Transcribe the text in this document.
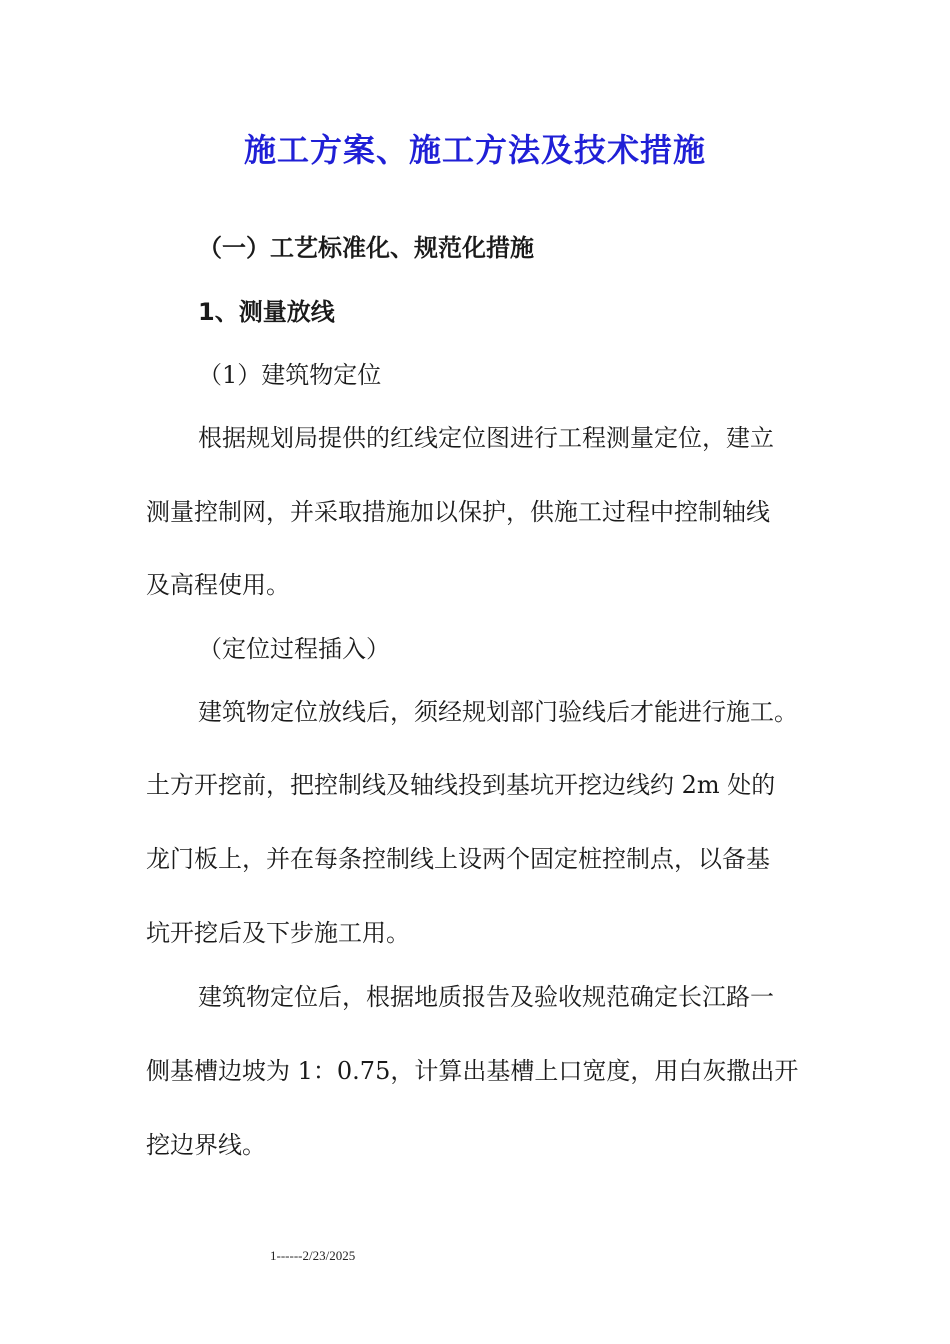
施工方案、施工方法及技术措施
（一）工艺标准化、规范化措施
1、测量放线
（1）建筑物定位
根据规划局提供的红线定位图进行工程测量定位，建立
测量控制网，并采取措施加以保护，供施工过程中控制轴线
及高程使用。
（定位过程插入）
建筑物定位放线后，须经规划部门验线后才能进行施工。
土方开挖前，把控制线及轴线投到基坑开挖边线约 2m 处的
龙门板上，并在每条控制线上设两个固定桩控制点，以备基
坑开挖后及下步施工用。
建筑物定位后，根据地质报告及验收规范确定长江路一
侧基槽边坡为 1：0.75，计算出基槽上口宽度，用白灰撒出开
挖边界线。
1------2/23/2025
